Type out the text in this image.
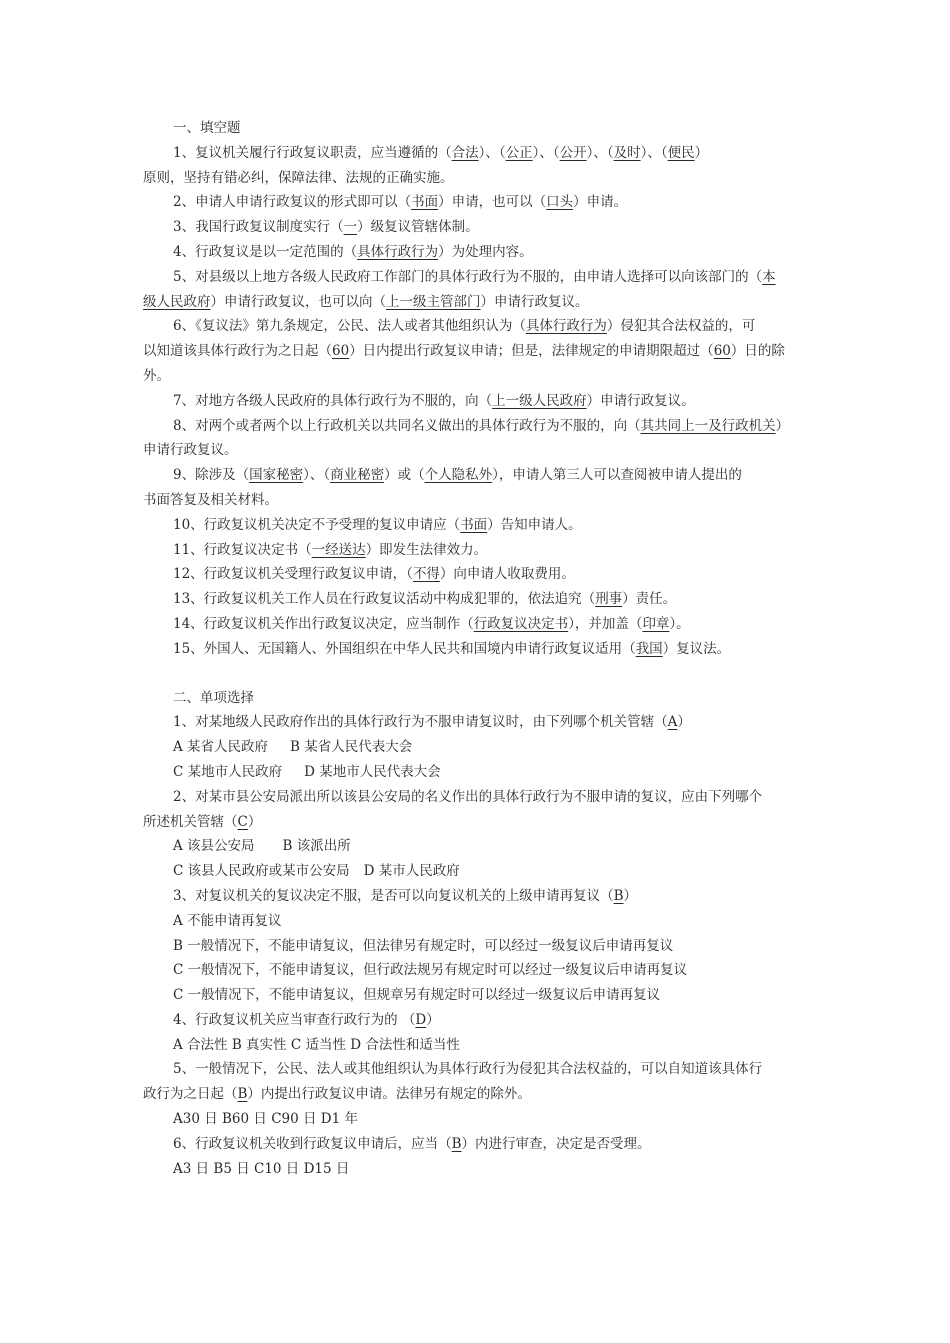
一、填空题
1、复议机关履行行政复议职责，应当遵循的（合法）、（公正）、（公开）、（及时）、（便民）
原则，坚持有错必纠，保障法律、法规的正确实施。
2、申请人申请行政复议的形式即可以（书面）申请，也可以（口头）申请。
3、我国行政复议制度实行（一）级复议管辖体制。
4、行政复议是以一定范围的（具体行政行为）为处理内容。
5、对县级以上地方各级人民政府工作部门的具体行政行为不服的，由申请人选择可以向该部门的（本
级人民政府）申请行政复议，也可以向（上一级主管部门）申请行政复议。
6、《复议法》第九条规定，公民、法人或者其他组织认为（具体行政行为）侵犯其合法权益的，可
以知道该具体行政行为之日起（60）日内提出行政复议申请；但是，法律规定的申请期限超过（60）日的除
外。
7、对地方各级人民政府的具体行政行为不服的，向（上一级人民政府）申请行政复议。
8、对两个或者两个以上行政机关以共同名义做出的具体行政行为不服的，向（其共同上一及行政机关）
申请行政复议。
9、除涉及（国家秘密）、（商业秘密）或（个人隐私外），申请人第三人可以查阅被申请人提出的
书面答复及相关材料。
10、行政复议机关决定不予受理的复议申请应（书面）告知申请人。
11、行政复议决定书（一经送达）即发生法律效力。
12、行政复议机关受理行政复议申请，（不得）向申请人收取费用。
13、行政复议机关工作人员在行政复议活动中构成犯罪的，依法追究（刑事）责任。
14、行政复议机关作出行政复议决定，应当制作（行政复议决定书），并加盖（印章）。
15、外国人、无国籍人、外国组织在中华人民共和国境内申请行政复议适用（我国）复议法。
二、单项选择
1、对某地级人民政府作出的具体行政行为不服申请复议时，由下列哪个机关管辖（A）
A 某省人民政府 B 某省人民代表大会
C 某地市人民政府 D 某地市人民代表大会
2、对某市县公安局派出所以该县公安局的名义作出的具体行政行为不服申请的复议，应由下列哪个
所述机关管辖（C）
A 该县公安局 B 该派出所
C 该县人民政府或某市公安局 D 某市人民政府
3、对复议机关的复议决定不服，是否可以向复议机关的上级申请再复议（B）
A 不能申请再复议
B 一般情况下，不能申请复议，但法律另有规定时，可以经过一级复议后申请再复议
C 一般情况下，不能申请复议，但行政法规另有规定时可以经过一级复议后申请再复议
C 一般情况下，不能申请复议，但规章另有规定时可以经过一级复议后申请再复议
4、行政复议机关应当审查行政行为的 （D）
A 合法性 B 真实性 C 适当性 D 合法性和适当性
5、一般情况下，公民、法人或其他组织认为具体行政行为侵犯其合法权益的，可以自知道该具体行
政行为之日起（B）内提出行政复议申请。法律另有规定的除外。
A30 日 B60 日 C90 日 D1 年
6、行政复议机关收到行政复议申请后，应当（B）内进行审查，决定是否受理。
A3 日 B5 日 C10 日 D15 日
